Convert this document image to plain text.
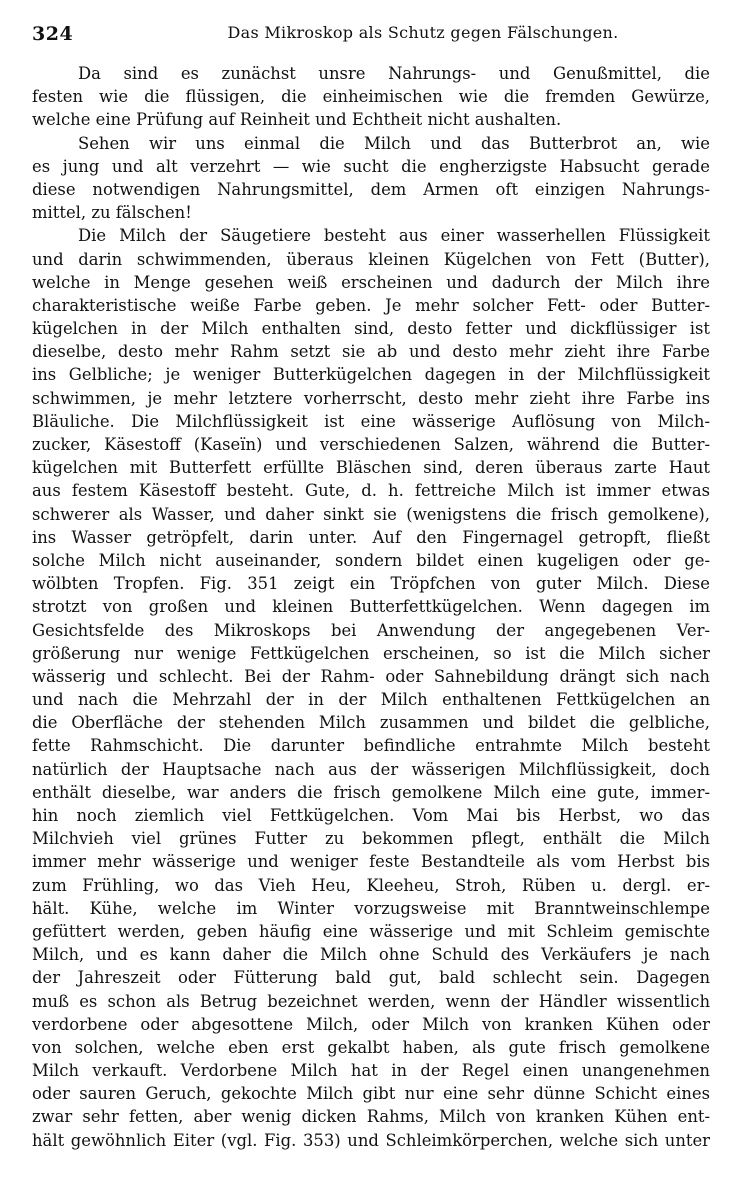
324	Das Mikroskop als Schutz gegen Fälschungen.
Da sind es zunächst unsre Nahrungs- und Genußmittel, die
festen wie die flüssigen, die einheimischen wie die fremden Gewürze,
welche eine Prüfung auf Reinheit und Echtheit nicht aushalten.
Sehen wir uns einmal die Milch und das Butterbrot an, wie
es jung und alt verzehrt — wie sucht die engherzigste Habsucht gerade
diese notwendigen Nahrungsmittel, dem Armen oft einzigen Nahrungs-
mittel, zu fälschen!
Die Milch der Säugetiere besteht aus einer wasserhellen Flüssigkeit
und darin schwimmenden, überaus kleinen Kügelchen von Fett (Butter),
welche in Menge gesehen weiß erscheinen und dadurch der Milch ihre
charakteristische weiße Farbe geben. Je mehr solcher Fett- oder Butter-
kügelchen in der Milch enthalten sind, desto fetter und dickflüssiger ist
dieselbe, desto mehr Rahm setzt sie ab und desto mehr zieht ihre Farbe
ins Gelbliche; je weniger Butterkügelchen dagegen in der Milchflüssigkeit
schwimmen, je mehr letztere vorherrscht, desto mehr zieht ihre Farbe ins
Bläuliche. Die Milchflüssigkeit ist eine wässerige Auflösung von Milch-
zucker, Käsestoff (Kaseïn) und verschiedenen Salzen, während die Butter-
kügelchen mit Butterfett erfüllte Bläschen sind, deren überaus zarte Haut
aus festem Käsestoff besteht. Gute, d. h. fettreiche Milch ist immer etwas
schwerer als Wasser, und daher sinkt sie (wenigstens die frisch gemolkene),
ins Wasser getröpfelt, darin unter. Auf den Fingernagel getropft, fließt
solche Milch nicht auseinander, sondern bildet einen kugeligen oder ge-
wölbten Tropfen. Fig. 351 zeigt ein Tröpfchen von guter Milch. Diese
strotzt von großen und kleinen Butterfettkügelchen. Wenn dagegen im
Gesichtsfelde des Mikroskops bei Anwendung der angegebenen Ver-
größerung nur wenige Fettkügelchen erscheinen, so ist die Milch sicher
wässerig und schlecht. Bei der Rahm- oder Sahnebildung drängt sich nach
und nach die Mehrzahl der in der Milch enthaltenen Fettkügelchen an
die Oberfläche der stehenden Milch zusammen und bildet die gelbliche,
fette Rahmschicht. Die darunter befindliche entrahmte Milch besteht
natürlich der Hauptsache nach aus der wässerigen Milchflüssigkeit, doch
enthält dieselbe, war anders die frisch gemolkene Milch eine gute, immer-
hin noch ziemlich viel Fettkügelchen. Vom Mai bis Herbst, wo das
Milchvieh viel grünes Futter zu bekommen pflegt, enthält die Milch
immer mehr wässerige und weniger feste Bestandteile als vom Herbst bis
zum Frühling, wo das Vieh Heu, Kleeheu, Stroh, Rüben u. dergl. er-
hält. Kühe, welche im Winter vorzugsweise mit Branntweinschlempe
gefüttert werden, geben häufig eine wässerige und mit Schleim gemischte
Milch, und es kann daher die Milch ohne Schuld des Verkäufers je nach
der Jahreszeit oder Fütterung bald gut, bald schlecht sein. Dagegen
muß es schon als Betrug bezeichnet werden, wenn der Händler wissentlich
verdorbene oder abgesottene Milch, oder Milch von kranken Kühen oder
von solchen, welche eben erst gekalbt haben, als gute frisch gemolkene
Milch verkauft. Verdorbene Milch hat in der Regel einen unangenehmen
oder sauren Geruch, gekochte Milch gibt nur eine sehr dünne Schicht eines
zwar sehr fetten, aber wenig dicken Rahms, Milch von kranken Kühen ent-
hält gewöhnlich Eiter (vgl. Fig. 353) und Schleimkörperchen, welche sich unter
